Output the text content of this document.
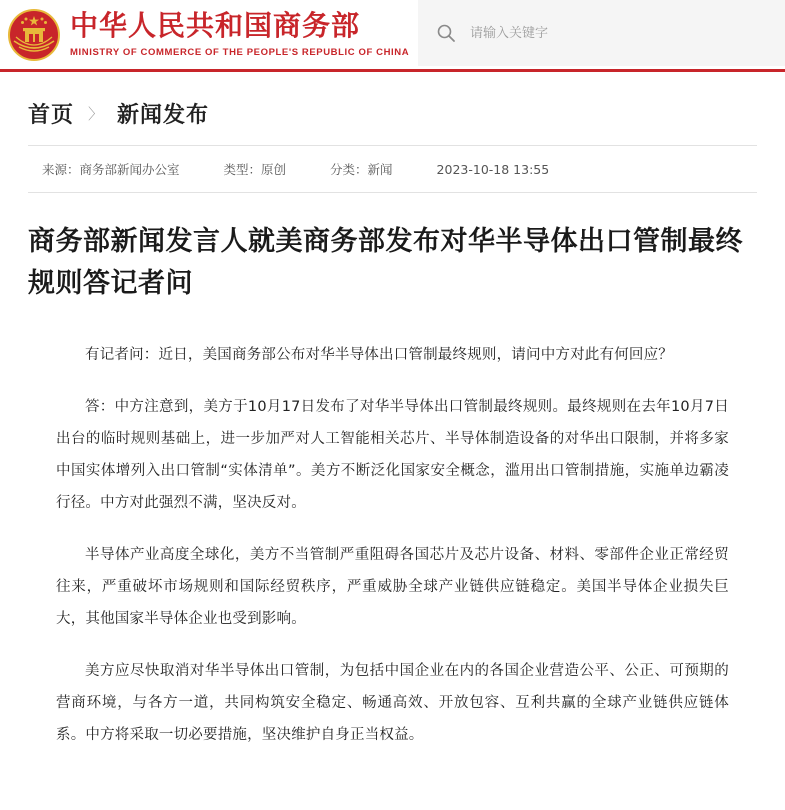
中华人民共和国商务部
MINISTRY OF COMMERCE OF THE PEOPLE'S REPUBLIC OF CHINA
请输入关键字
首页 〉 新闻发布
来源：商务部新闻办公室	类型：原创	分类：新闻	2023-10-18 13:55
商务部新闻发言人就美商务部发布对华半导体出口管制最终规则答记者问

有记者问：近日，美国商务部公布对华半导体出口管制最终规则，请问中方对此有何回应？

答：中方注意到，美方于10月17日发布了对华半导体出口管制最终规则。最终规则在去年10月7日出台的临时规则基础上，进一步加严对人工智能相关芯片、半导体制造设备的对华出口限制，并将多家中国实体增列入出口管制“实体清单”。美方不断泛化国家安全概念，滥用出口管制措施，实施单边霸凌行径。中方对此强烈不满，坚决反对。

半导体产业高度全球化，美方不当管制严重阻碍各国芯片及芯片设备、材料、零部件企业正常经贸往来，严重破坏市场规则和国际经贸秩序，严重威胁全球产业链供应链稳定。美国半导体企业损失巨大，其他国家半导体企业也受到影响。

美方应尽快取消对华半导体出口管制，为包括中国企业在内的各国企业营造公平、公正、可预期的营商环境，与各方一道，共同构筑安全稳定、畅通高效、开放包容、互利共赢的全球产业链供应链体系。中方将采取一切必要措施，坚决维护自身正当权益。
